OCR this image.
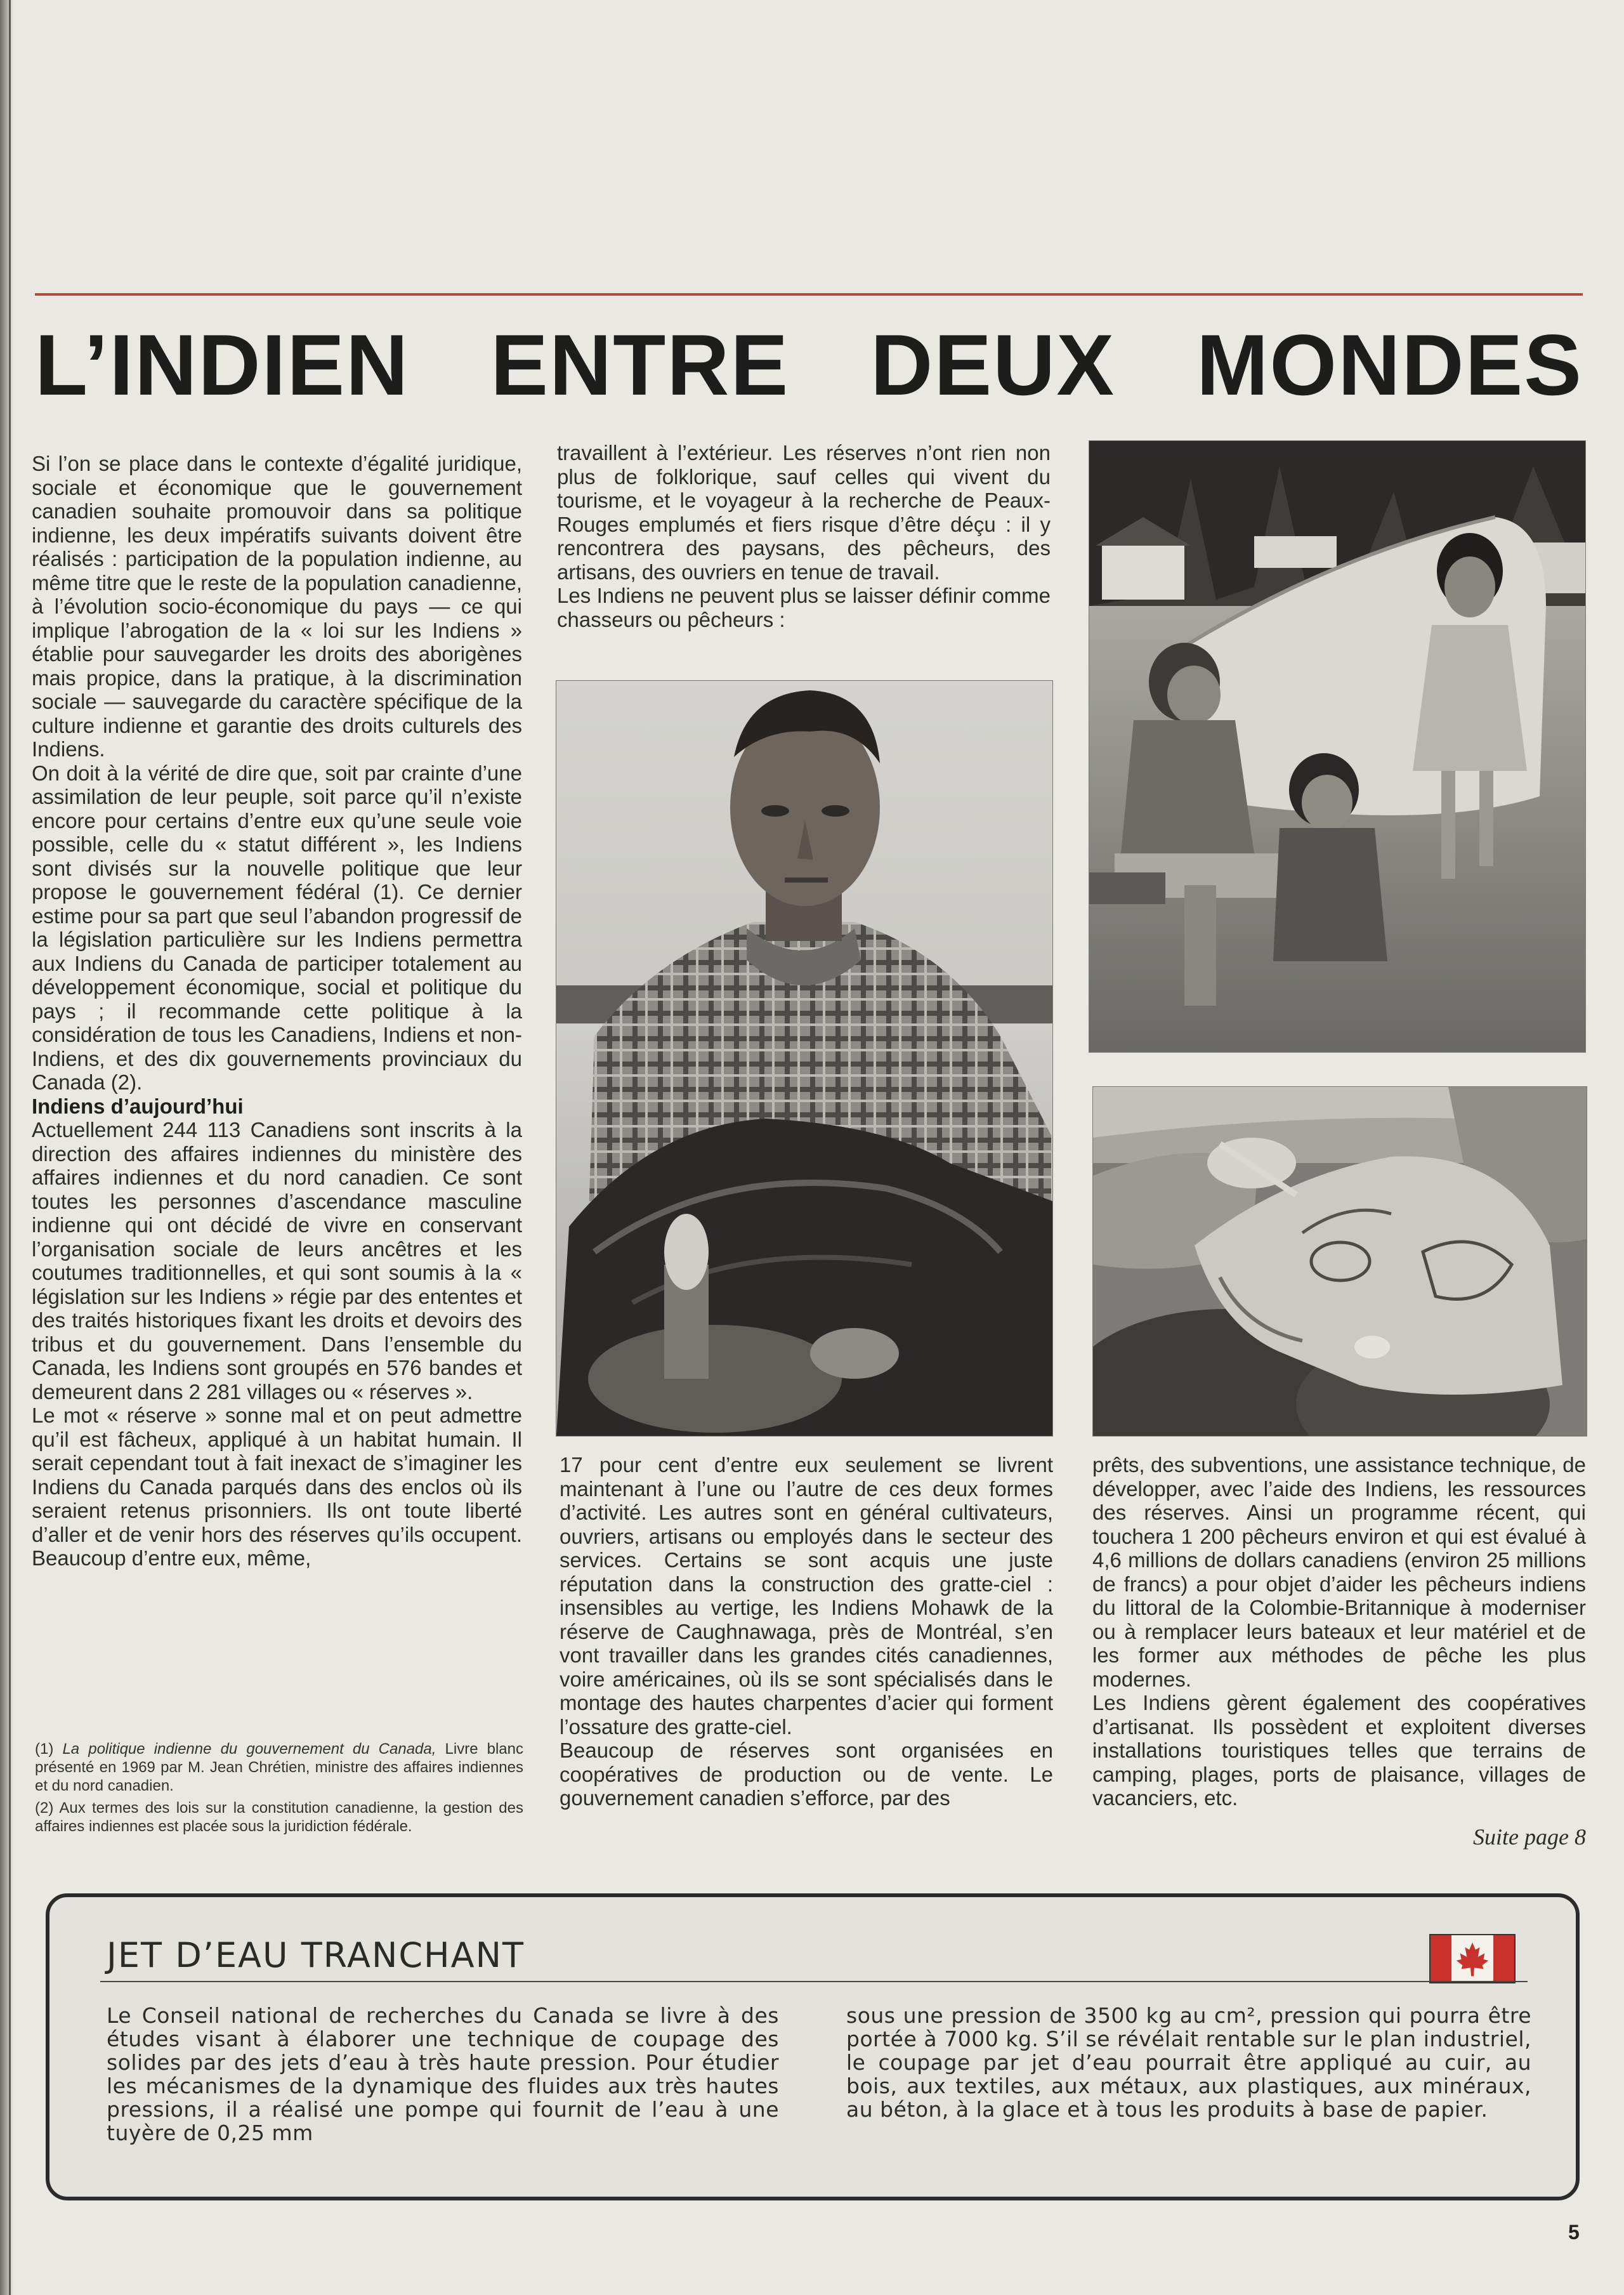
L’INDIEN ENTRE DEUX MONDES

Si l’on se place dans le contexte d’égalité juridique, sociale et économique que le gouvernement canadien souhaite promouvoir dans sa politique indienne, les deux impératifs suivants doivent être réalisés : participation de la population indienne, au même titre que le reste de la population canadienne, à l’évolution socio-économique du pays — ce qui implique l’abrogation de la « loi sur les Indiens » établie pour sauvegarder les droits des aborigènes mais propice, dans la pratique, à la discrimination sociale — sauvegarde du caractère spécifique de la culture indienne et garantie des droits culturels des Indiens.

On doit à la vérité de dire que, soit par crainte d’une assimilation de leur peuple, soit parce qu’il n’existe encore pour certains d’entre eux qu’une seule voie possible, celle du « statut différent », les Indiens sont divisés sur la nouvelle politique que leur propose le gouvernement fédéral (1). Ce dernier estime pour sa part que seul l’abandon progressif de la législation particulière sur les Indiens permettra aux Indiens du Canada de participer totalement au développement économique, social et politique du pays ; il recommande cette politique à la considération de tous les Canadiens, Indiens et non-Indiens, et des dix gouvernements provinciaux du Canada (2).

Indiens d’aujourd’hui

Actuellement 244 113 Canadiens sont inscrits à la direction des affaires indiennes du ministère des affaires indiennes et du nord canadien. Ce sont toutes les personnes d’ascendance masculine indienne qui ont décidé de vivre en conservant l’organisation sociale de leurs ancêtres et les coutumes traditionnelles, et qui sont soumis à la « législation sur les Indiens » régie par des ententes et des traités historiques fixant les droits et devoirs des tribus et du gouvernement. Dans l’ensemble du Canada, les Indiens sont groupés en 576 bandes et demeurent dans 2 281 villages ou « réserves ».

Le mot « réserve » sonne mal et on peut admettre qu’il est fâcheux, appliqué à un habitat humain. Il serait cependant tout à fait inexact de s’imaginer les Indiens du Canada parqués dans des enclos où ils seraient retenus prisonniers. Ils ont toute liberté d’aller et de venir hors des réserves qu’ils occupent. Beaucoup d’entre eux, même,

(1) La politique indienne du gouvernement du Canada, Livre blanc présenté en 1969 par M. Jean Chrétien, ministre des affaires indiennes et du nord canadien.

(2) Aux termes des lois sur la constitution canadienne, la gestion des affaires indiennes est placée sous la juridiction fédérale.

travaillent à l’extérieur. Les réserves n’ont rien non plus de folklorique, sauf celles qui vivent du tourisme, et le voyageur à la recherche de Peaux-Rouges emplumés et fiers risque d’être déçu : il y rencontrera des paysans, des pêcheurs, des artisans, des ouvriers en tenue de travail.

Les Indiens ne peuvent plus se laisser définir comme chasseurs ou pêcheurs :

17 pour cent d’entre eux seulement se livrent maintenant à l’une ou l’autre de ces deux formes d’activité. Les autres sont en général cultivateurs, ouvriers, artisans ou employés dans le secteur des services. Certains se sont acquis une juste réputation dans la construction des gratte-ciel : insensibles au vertige, les Indiens Mohawk de la réserve de Caughnawaga, près de Montréal, s’en vont travailler dans les grandes cités canadiennes, voire américaines, où ils se sont spécialisés dans le montage des hautes charpentes d’acier qui forment l’ossature des gratte-ciel.

Beaucoup de réserves sont organisées en coopératives de production ou de vente. Le gouvernement canadien s’efforce, par des

prêts, des subventions, une assistance technique, de développer, avec l’aide des Indiens, les ressources des réserves. Ainsi un programme récent, qui touchera 1 200 pêcheurs environ et qui est évalué à 4,6 millions de dollars canadiens (environ 25 millions de francs) a pour objet d’aider les pêcheurs indiens du littoral de la Colombie-Britannique à moderniser ou à remplacer leurs bateaux et leur matériel et de les former aux méthodes de pêche les plus modernes.

Les Indiens gèrent également des coopératives d’artisanat. Ils possèdent et exploitent diverses installations touristiques telles que terrains de camping, plages, ports de plaisance, villages de vacanciers, etc.

Suite page 8
JET D’EAU TRANCHANT
Le Conseil national de recherches du Canada se livre à des études visant à élaborer une technique de coupage des solides par des jets d’eau à très haute pression. Pour étudier les mécanismes de la dynamique des fluides aux très hautes pressions, il a réalisé une pompe qui fournit de l’eau à une tuyère de 0,25 mm
sous une pression de 3500 kg au cm², pression qui pourra être portée à 7000 kg. S’il se révélait rentable sur le plan industriel, le coupage par jet d’eau pourrait être appliqué au cuir, au bois, aux textiles, aux métaux, aux plastiques, aux minéraux, au béton, à la glace et à tous les produits à base de papier.
5
